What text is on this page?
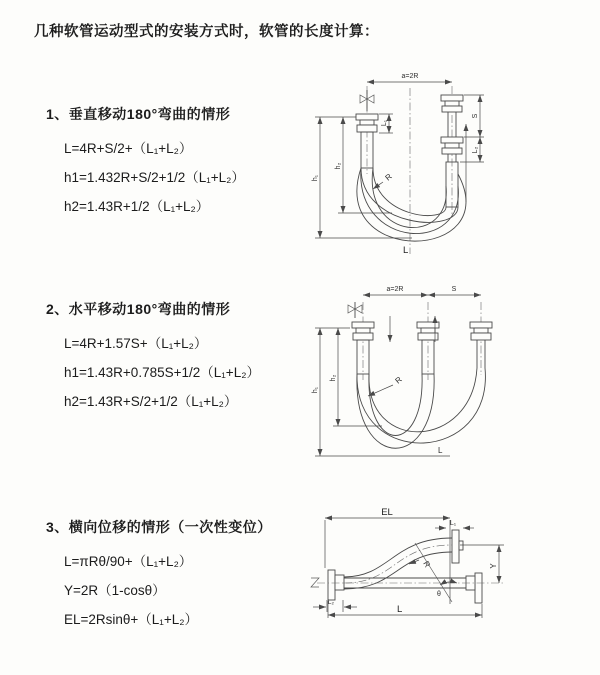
几种软管运动型式的安装方式时，软管的长度计算：
1、垂直移动180°弯曲的情形
L=4R+S/2+（L₁+L₂）
h1=1.432R+S/2+1/2（L₁+L₂）
h2=1.43R+1/2（L₁+L₂）
2、水平移动180°弯曲的情形
L=4R+1.57S+（L₁+L₂）
h1=1.43R+0.785S+1/2（L₁+L₂）
h2=1.43R+S/2+1/2（L₁+L₂）
3、横向位移的情形（一次性变位）
L=πRθ/90+（L₁+L₂）
Y=2R（1-cosθ）
EL=2Rsinθ+（L₁+L₂）
a=2R
L₁
S
L₂
h₁
h₂
R
L
a=2R	S
h₁
h₂	R
L
EL
L₁
Y
θ
R
L₂
L
